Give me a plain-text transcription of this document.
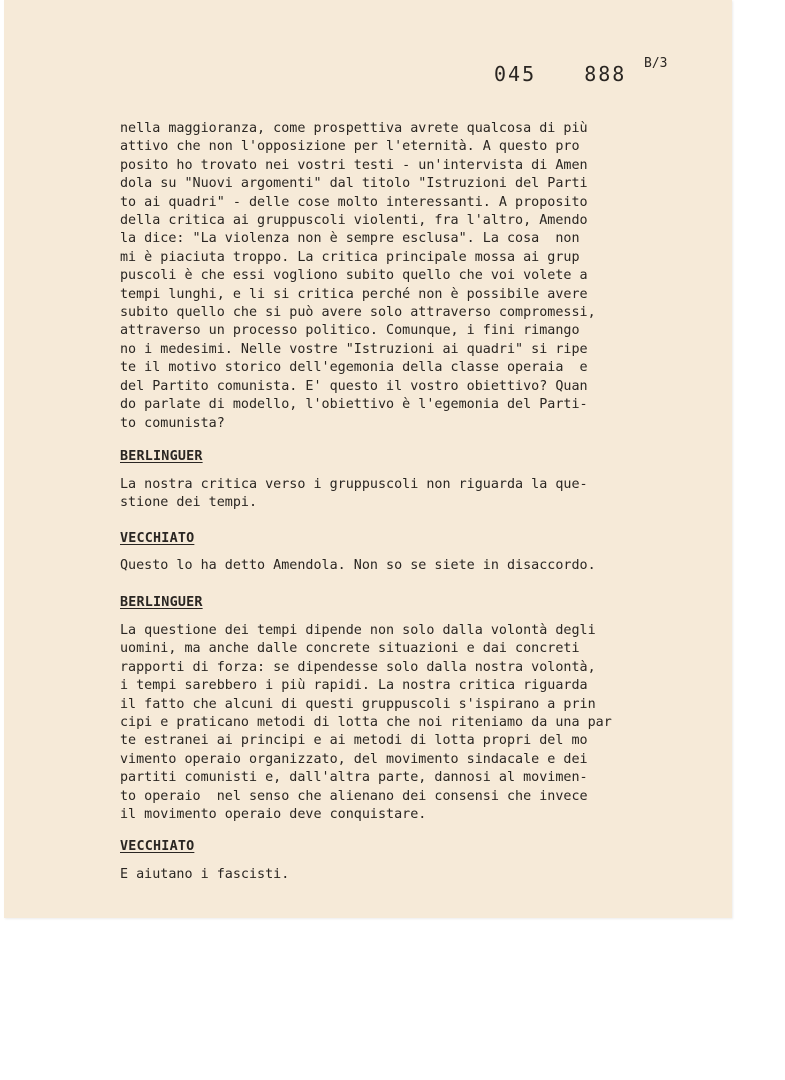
045  888 B/3

nella maggioranza, come prospettiva avrete qualcosa di più
attivo che non l'opposizione per l'eternità. A questo pro
posito ho trovato nei vostri testi - un'intervista di Amen
dola su "Nuovi argomenti" dal titolo "Istruzioni del Parti
to ai quadri" - delle cose molto interessanti. A proposito
della critica ai gruppuscoli violenti, fra l'altro, Amendo
la dice: "La violenza non è sempre esclusa". La cosa  non
mi è piaciuta troppo. La critica principale mossa ai grup
puscoli è che essi vogliono subito quello che voi volete a
tempi lunghi, e li si critica perché non è possibile avere
subito quello che si può avere solo attraverso compromessi,
attraverso un processo politico. Comunque, i fini rimango
no i medesimi. Nelle vostre "Istruzioni ai quadri" si ripe
te il motivo storico dell'egemonia della classe operaia  e
del Partito comunista. E' questo il vostro obiettivo? Quan
do parlate di modello, l'obiettivo è l'egemonia del Parti-
to comunista?

BERLINGUER

La nostra critica verso i gruppuscoli non riguarda la que-
stione dei tempi.

VECCHIATO

Questo lo ha detto Amendola. Non so se siete in disaccordo.

BERLINGUER

La questione dei tempi dipende non solo dalla volontà degli
uomini, ma anche dalle concrete situazioni e dai concreti
rapporti di forza: se dipendesse solo dalla nostra volontà,
i tempi sarebbero i più rapidi. La nostra critica riguarda
il fatto che alcuni di questi gruppuscoli s'ispirano a prin
cipi e praticano metodi di lotta che noi riteniamo da una par
te estranei ai principi e ai metodi di lotta propri del mo
vimento operaio organizzato, del movimento sindacale e dei
partiti comunisti e, dall'altra parte, dannosi al movimen-
to operaio  nel senso che alienano dei consensi che invece
il movimento operaio deve conquistare.

VECCHIATO

E aiutano i fascisti.
